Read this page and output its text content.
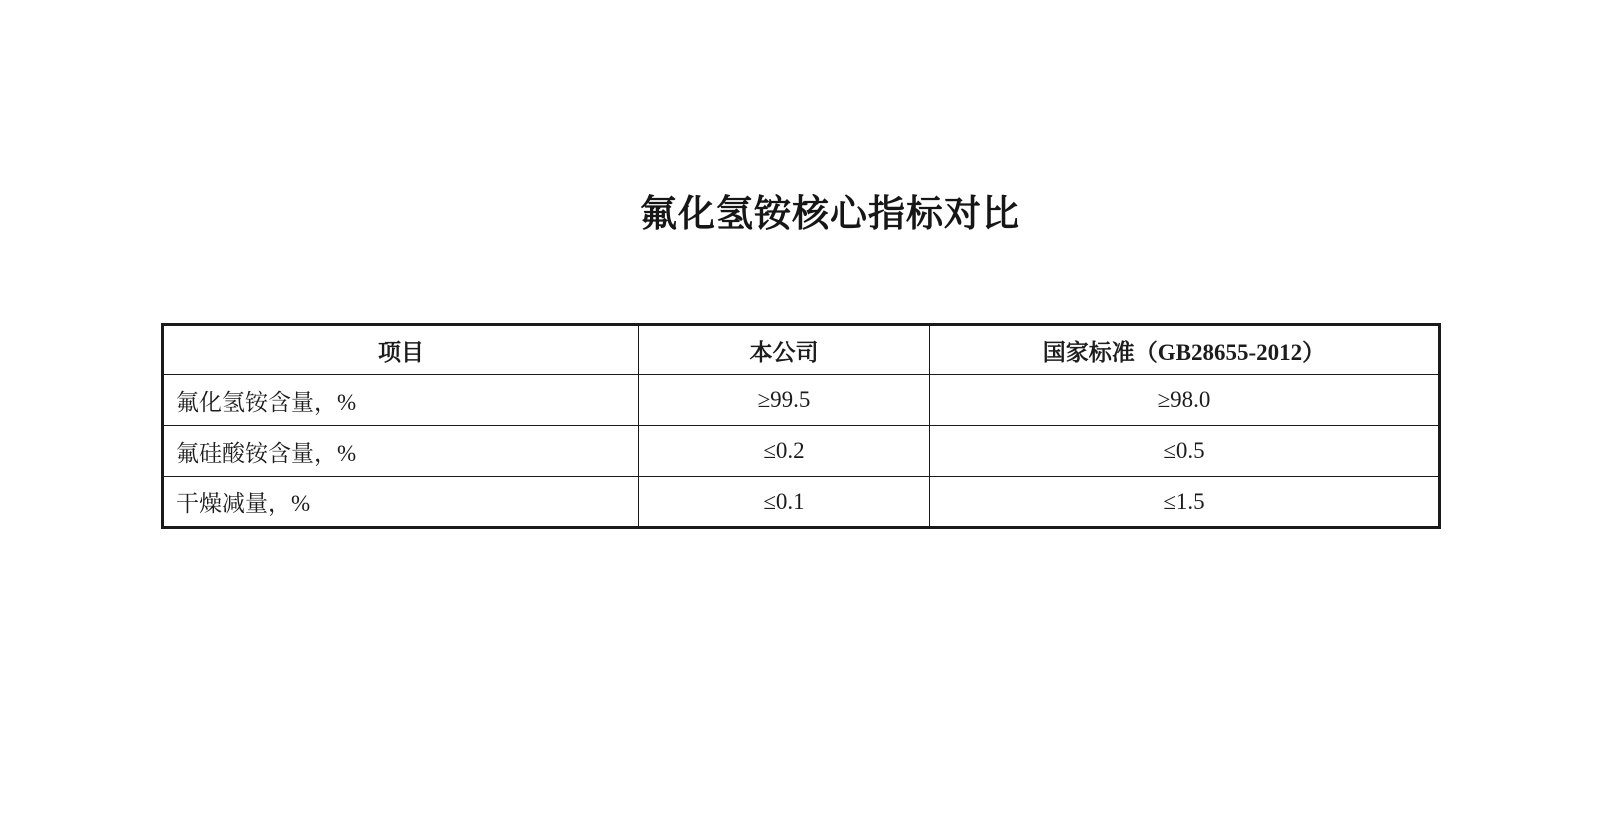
氟化氢铵核心指标对比
项目	本公司	国家标准（GB28655-2012）
氟化氢铵含量，%	≥99.5	≥98.0
氟硅酸铵含量，%	≤0.2	≤0.5
干燥减量，%	≤0.1	≤1.5
